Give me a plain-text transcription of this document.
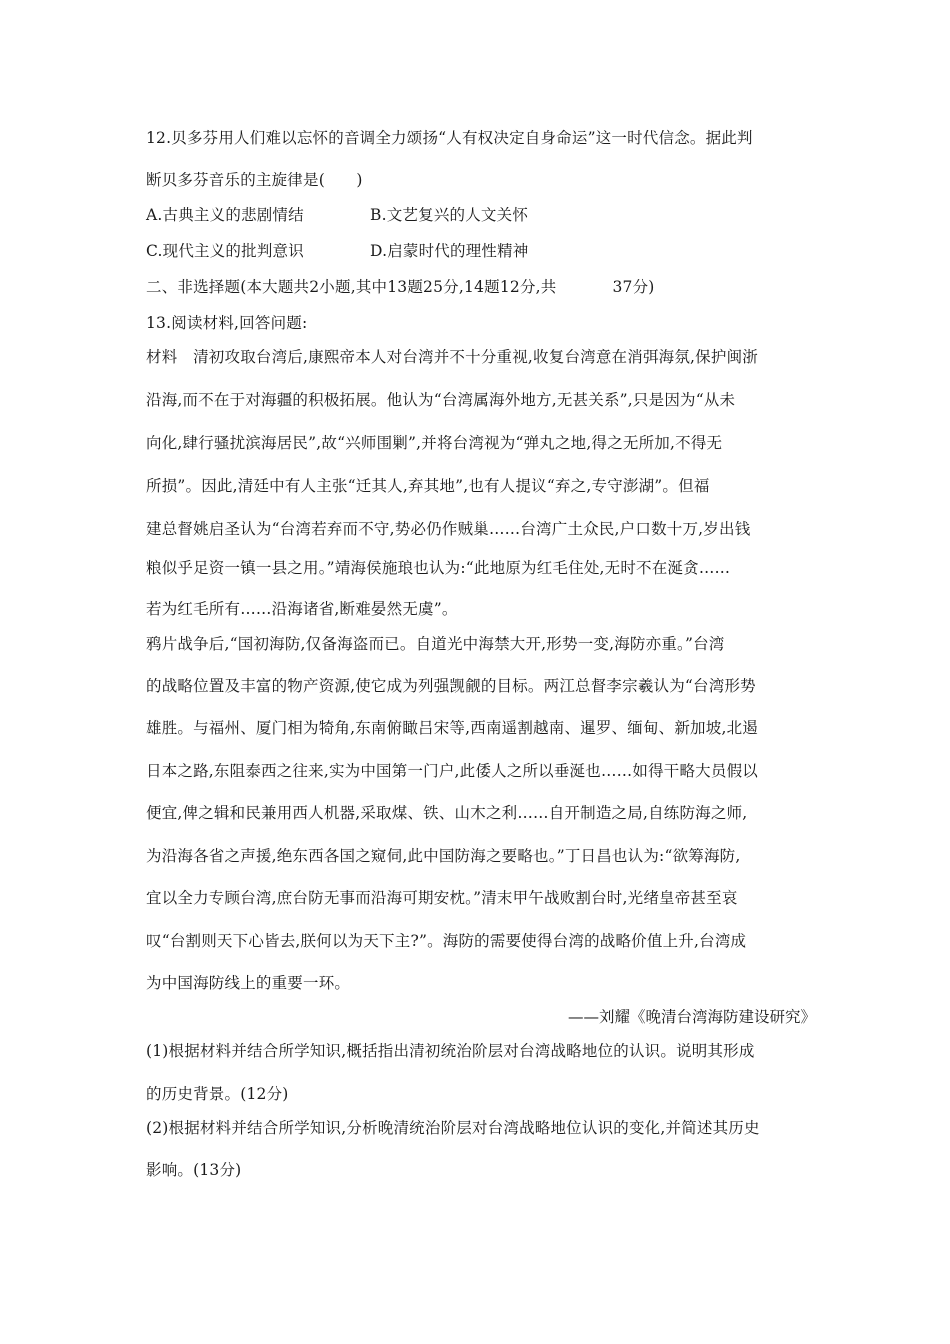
12.贝多芬用人们难以忘怀的音调全力颂扬“人有权决定自身命运”这一时代信念。据此判
断贝多芬音乐的主旋律是(　　)
A.古典主义的悲剧情结	B.文艺复兴的人文关怀
C.现代主义的批判意识	D.启蒙时代的理性精神
二、非选择题(本大题共2小题,其中13题25分,14题12分,共	37分)
13.阅读材料,回答问题:
材料　清初攻取台湾后,康熙帝本人对台湾并不十分重视,收复台湾意在消弭海氛,保护闽浙
沿海,而不在于对海疆的积极拓展。他认为“台湾属海外地方,无甚关系”,只是因为“从未
向化,肆行骚扰滨海居民”,故“兴师围剿”,并将台湾视为“弹丸之地,得之无所加,不得无
所损”。因此,清廷中有人主张“迁其人,弃其地”,也有人提议“弃之,专守澎湖”。但福
建总督姚启圣认为“台湾若弃而不守,势必仍作贼巢……台湾广土众民,户口数十万,岁出钱
粮似乎足资一镇一县之用。”靖海侯施琅也认为:“此地原为红毛住处,无时不在涎贪……
若为红毛所有……沿海诸省,断难晏然无虞”。
鸦片战争后,“国初海防,仅备海盗而已。自道光中海禁大开,形势一变,海防亦重。”台湾
的战略位置及丰富的物产资源,使它成为列强觊觎的目标。两江总督李宗羲认为“台湾形势
雄胜。与福州、厦门相为犄角,东南俯瞰吕宋等,西南遥割越南、暹罗、缅甸、新加坡,北遏
日本之路,东阻泰西之往来,实为中国第一门户,此倭人之所以垂涎也……如得干略大员假以
便宜,俾之辑和民兼用西人机器,采取煤、铁、山木之利……自开制造之局,自练防海之师,
为沿海各省之声援,绝东西各国之窥伺,此中国防海之要略也。”丁日昌也认为:“欲筹海防,
宜以全力专顾台湾,庶台防无事而沿海可期安枕。”清末甲午战败割台时,光绪皇帝甚至哀
叹“台割则天下心皆去,朕何以为天下主?”。海防的需要使得台湾的战略价值上升,台湾成
为中国海防线上的重要一环。
——刘耀《晚清台湾海防建设研究》
(1)根据材料并结合所学知识,概括指出清初统治阶层对台湾战略地位的认识。说明其形成
的历史背景。(12分)
(2)根据材料并结合所学知识,分析晚清统治阶层对台湾战略地位认识的变化,并简述其历史
影响。(13分)
